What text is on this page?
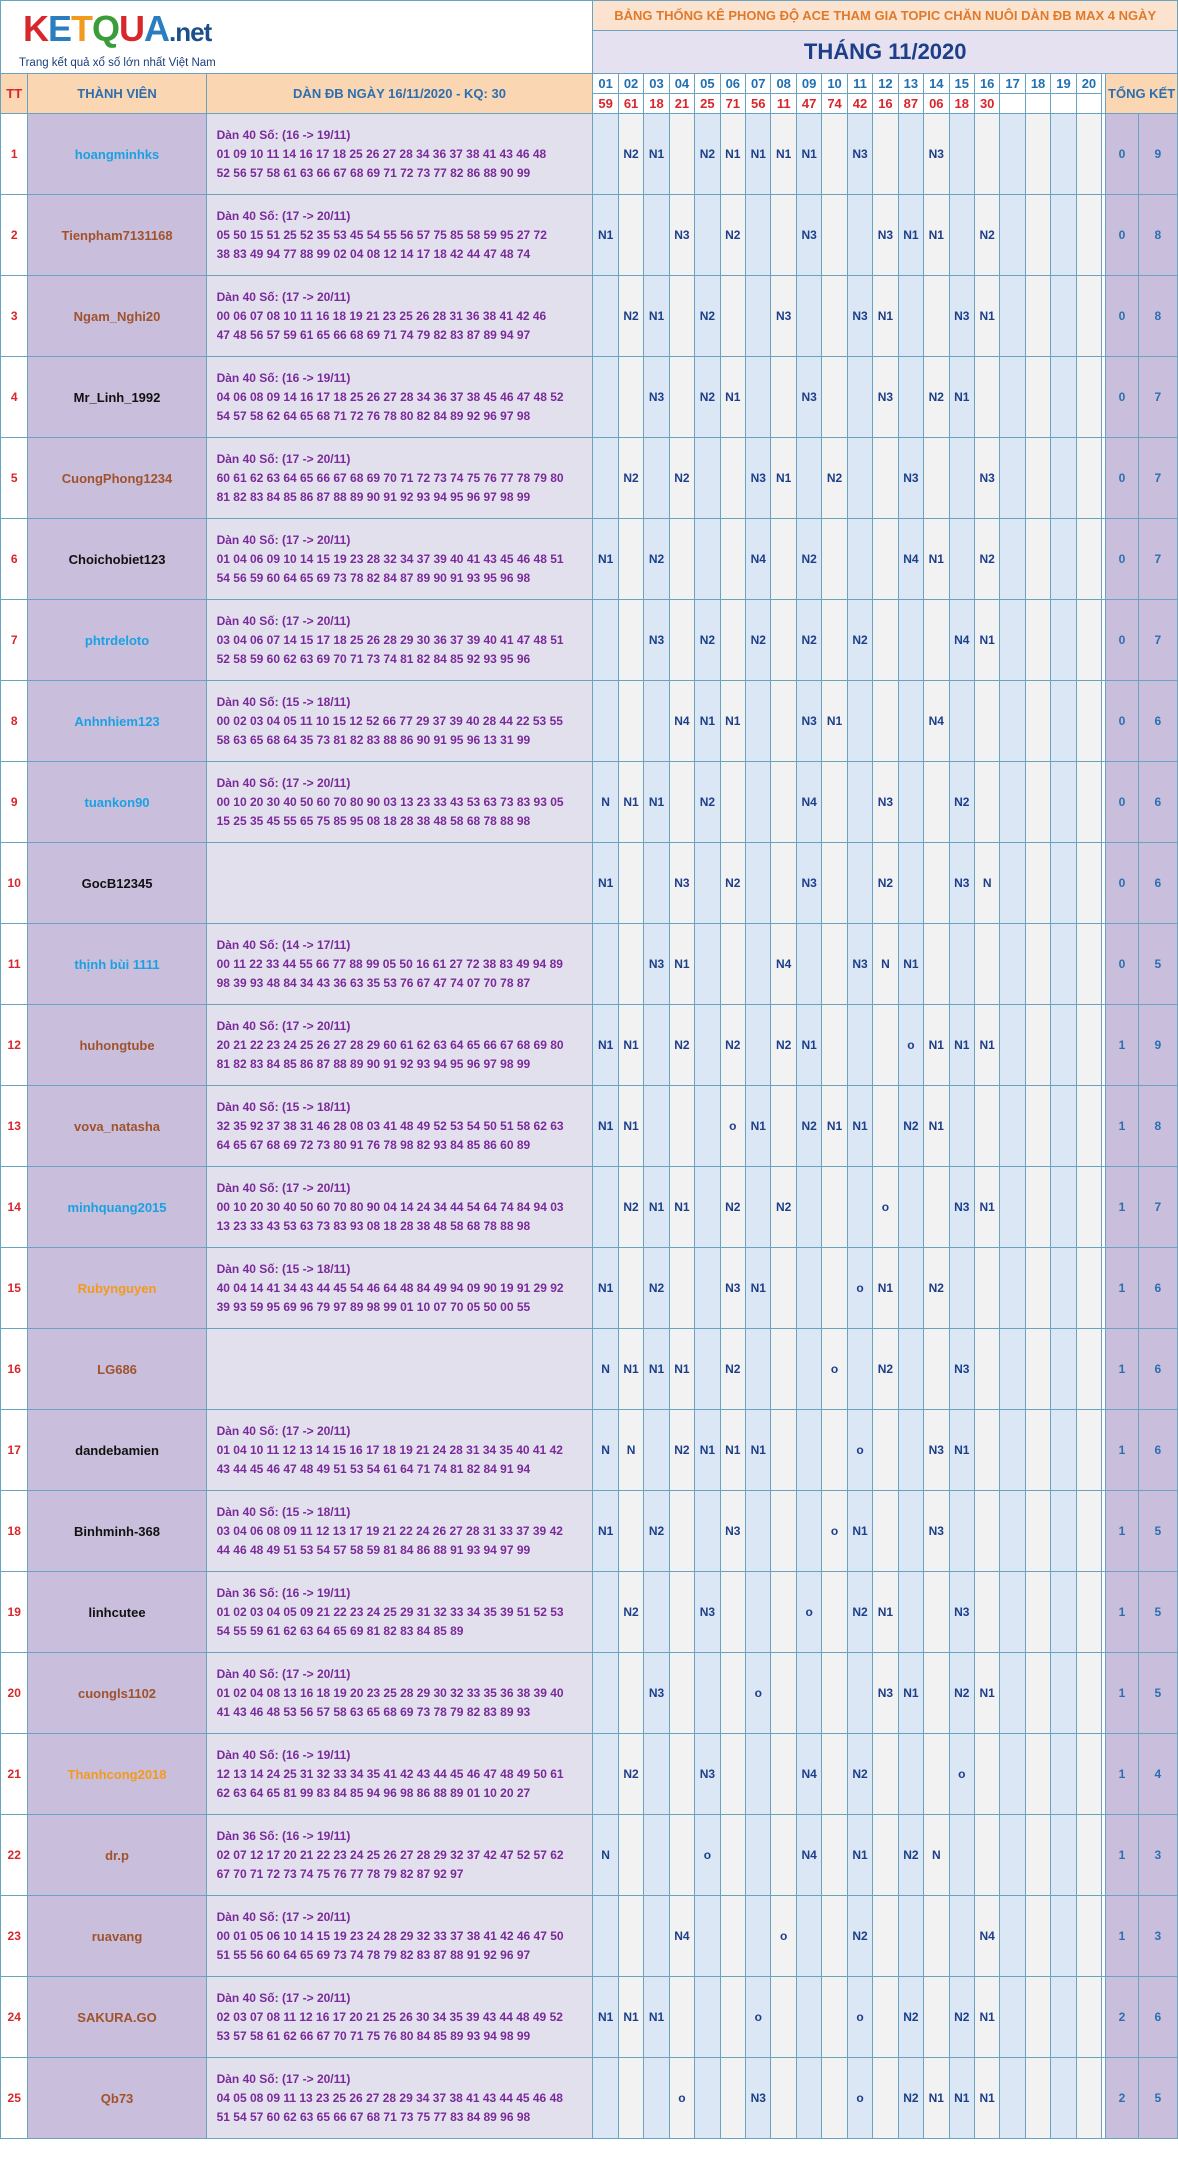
KETQUA.net
Trang kết quả xổ số lớn nhất Việt Nam			BẢNG THỐNG KÊ PHONG ĐỘ ACE THAM GIA TOPIC CHĂN NUÔI DÀN ĐB MAX 4 NGÀY																						
			THÁNG 11/2020																						
TT	THÀNH VIÊN	DÀN ĐB NGÀY 16/11/2020 - KQ: 30	01	02	03	04	05	06	07	08	09	10	11	12	13	14	15	16	17	18	19	20		TỔNG KẾT	
			59	61	18	21	25	71	56	11	47	74	42	16	87	06	18	30							
1	hoangminhks	Dàn 40 Số: (16 -> 19/11)
01 09 10 11 14 16 17 18 25 26 27 28 34 36 37 38 41 43 46 48
52 56 57 58 61 63 66 67 68 69 71 72 73 77 82 86 88 90 99		N2	N1		N2	N1	N1	N1	N1		N3			N3								0	9
2	Tienpham7131168	Dàn 40 Số: (17 -> 20/11)
05 50 15 51 25 52 35 53 45 54 55 56 57 75 85 58 59 95 27 72
38 83 49 94 77 88 99 02 04 08 12 14 17 18 42 44 47 48 74	N1			N3		N2			N3			N3	N1	N1		N2						0	8
3	Ngam_Nghi20	Dàn 40 Số: (17 -> 20/11)
00 06 07 08 10 11 16 18 19 21 23 25 26 28 31 36 38 41 42 46
47 48 56 57 59 61 65 66 68 69 71 74 79 82 83 87 89 94 97		N2	N1		N2			N3			N3	N1			N3	N1						0	8
4	Mr_Linh_1992	Dàn 40 Số: (16 -> 19/11)
04 06 08 09 14 16 17 18 25 26 27 28 34 36 37 38 45 46 47 48 52
54 57 58 62 64 65 68 71 72 76 78 80 82 84 89 92 96 97 98			N3		N2	N1			N3			N3		N2	N1							0	7
5	CuongPhong1234	Dàn 40 Số: (17 -> 20/11)
60 61 62 63 64 65 66 67 68 69 70 71 72 73 74 75 76 77 78 79 80
81 82 83 84 85 86 87 88 89 90 91 92 93 94 95 96 97 98 99		N2		N2			N3	N1		N2			N3			N3						0	7
6	Choichobiet123	Dàn 40 Số: (17 -> 20/11)
01 04 06 09 10 14 15 19 23 28 32 34 37 39 40 41 43 45 46 48 51
54 56 59 60 64 65 69 73 78 82 84 87 89 90 91 93 95 96 98	N1		N2				N4		N2				N4	N1		N2						0	7
7	phtrdeloto	Dàn 40 Số: (17 -> 20/11)
03 04 06 07 14 15 17 18 25 26 28 29 30 36 37 39 40 41 47 48 51
52 58 59 60 62 63 69 70 71 73 74 81 82 84 85 92 93 95 96			N3		N2		N2		N2		N2				N4	N1						0	7
8	Anhnhiem123	Dàn 40 Số: (15 -> 18/11)
00 02 03 04 05 11 10 15 12 52 66 77 29 37 39 40 28 44 22 53 55
58 63 65 68 64 35 73 81 82 83 88 86 90 91 95 96 13 31 99				N4	N1	N1			N3	N1				N4								0	6
9	tuankon90	Dàn 40 Số: (17 -> 20/11)
00 10 20 30 40 50 60 70 80 90 03 13 23 33 43 53 63 73 83 93 05
15 25 35 45 55 65 75 85 95 08 18 28 38 48 58 68 78 88 98	N	N1	N1		N2				N4			N3			N2							0	6
10	GocB12345		N1			N3		N2			N3			N2			N3	N						0	6
11	thịnh bùi 1111	Dàn 40 Số: (14 -> 17/11)
00 11 22 33 44 55 66 77 88 99 05 50 16 61 27 72 38 83 49 94 89
98 39 93 48 84 34 43 36 63 35 53 76 67 47 74 07 70 78 87			N3	N1				N4			N3	N	N1									0	5
12	huhongtube	Dàn 40 Số: (17 -> 20/11)
20 21 22 23 24 25 26 27 28 29 60 61 62 63 64 65 66 67 68 69 80
81 82 83 84 85 86 87 88 89 90 91 92 93 94 95 96 97 98 99	N1	N1		N2		N2		N2	N1				o	N1	N1	N1						1	9
13	vova_natasha	Dàn 40 Số: (15 -> 18/11)
32 35 92 37 38 31 46 28 08 03 41 48 49 52 53 54 50 51 58 62 63
64 65 67 68 69 72 73 80 91 76 78 98 82 93 84 85 86 60 89	N1	N1				o	N1		N2	N1	N1		N2	N1								1	8
14	minhquang2015	Dàn 40 Số: (17 -> 20/11)
00 10 20 30 40 50 60 70 80 90 04 14 24 34 44 54 64 74 84 94 03
13 23 33 43 53 63 73 83 93 08 18 28 38 48 58 68 78 88 98		N2	N1	N1		N2		N2				o			N3	N1						1	7
15	Rubynguyen	Dàn 40 Số: (15 -> 18/11)
40 04 14 41 34 43 44 45 54 46 64 48 84 49 94 09 90 19 91 29 92
39 93 59 95 69 96 79 97 89 98 99 01 10 07 70 05 50 00 55	N1		N2			N3	N1				o	N1		N2								1	6
16	LG686		N	N1	N1	N1		N2				o		N2			N3							1	6
17	dandebamien	Dàn 40 Số: (17 -> 20/11)
01 04 10 11 12 13 14 15 16 17 18 19 21 24 28 31 34 35 40 41 42
43 44 45 46 47 48 49 51 53 54 61 64 71 74 81 82 84 91 94	N	N		N2	N1	N1	N1				o			N3	N1							1	6
18	Binhminh-368	Dàn 40 Số: (15 -> 18/11)
03 04 06 08 09 11 12 13 17 19 21 22 24 26 27 28 31 33 37 39 42
44 46 48 49 51 53 54 57 58 59 81 84 86 88 91 93 94 97 99	N1		N2			N3				o	N1			N3								1	5
19	linhcutee	Dàn 36 Số: (16 -> 19/11)
01 02 03 04 05 09 21 22 23 24 25 29 31 32 33 34 35 39 51 52 53
54 55 59 61 62 63 64 65 69 81 82 83 84 85 89		N2			N3				o		N2	N1			N3							1	5
20	cuongls1102	Dàn 40 Số: (17 -> 20/11)
01 02 04 08 13 16 18 19 20 23 25 28 29 30 32 33 35 36 38 39 40
41 43 46 48 53 56 57 58 63 65 68 69 73 78 79 82 83 89 93			N3				o					N3	N1		N2	N1						1	5
21	Thanhcong2018	Dàn 40 Số: (16 -> 19/11)
12 13 14 24 25 31 32 33 34 35 41 42 43 44 45 46 47 48 49 50 61
62 63 64 65 81 99 83 84 85 94 96 98 86 88 89 01 10 20 27		N2			N3				N4		N2				o							1	4
22	dr.p	Dàn 36 Số: (16 -> 19/11)
02 07 12 17 20 21 22 23 24 25 26 27 28 29 32 37 42 47 52 57 62
67 70 71 72 73 74 75 76 77 78 79 82 87 92 97	N				o				N4		N1		N2	N								1	3
23	ruavang	Dàn 40 Số: (17 -> 20/11)
00 01 05 06 10 14 15 19 23 24 28 29 32 33 37 38 41 42 46 47 50
51 55 56 60 64 65 69 73 74 78 79 82 83 87 88 91 92 96 97				N4				o			N2					N4						1	3
24	SAKURA.GO	Dàn 40 Số: (17 -> 20/11)
02 03 07 08 11 12 16 17 20 21 25 26 30 34 35 39 43 44 48 49 52
53 57 58 61 62 66 67 70 71 75 76 80 84 85 89 93 94 98 99	N1	N1	N1				o				o		N2		N2	N1						2	6
25	Qb73	Dàn 40 Số: (17 -> 20/11)
04 05 08 09 11 13 23 25 26 27 28 29 34 37 38 41 43 44 45 46 48
51 54 57 60 62 63 65 66 67 68 71 73 75 77 83 84 89 96 98				o			N3				o		N2	N1	N1	N1						2	5
